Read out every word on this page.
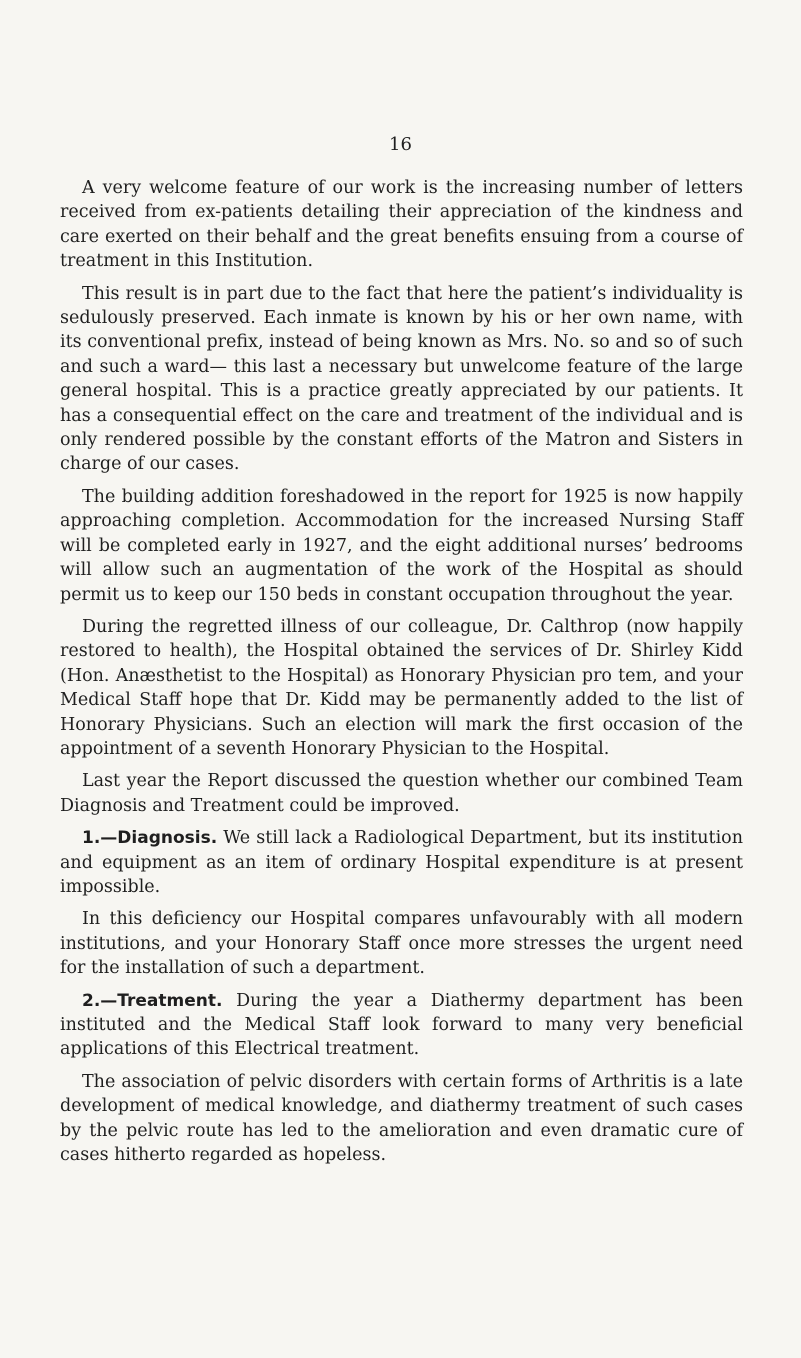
16

A very welcome feature of our work is the increasing number of letters received from ex-patients detailing their appreciation of the kindness and care exerted on their behalf and the great benefits ensuing from a course of treatment in this Institution.

This result is in part due to the fact that here the patient’s individuality is sedulously preserved. Each inmate is known by his or her own name, with its conventional prefix, instead of being known as Mrs. No. so and so of such and such a ward— this last a necessary but unwelcome feature of the large general hospital. This is a practice greatly appreciated by our patients. It has a consequential effect on the care and treatment of the individual and is only rendered possible by the constant efforts of the Matron and Sisters in charge of our cases.

The building addition foreshadowed in the report for 1925 is now happily approaching completion. Accommodation for the increased Nursing Staff will be completed early in 1927, and the eight additional nurses’ bedrooms will allow such an augmentation of the work of the Hospital as should permit us to keep our 150 beds in constant occupation throughout the year.

During the regretted illness of our colleague, Dr. Calthrop (now happily restored to health), the Hospital obtained the services of Dr. Shirley Kidd (Hon. Anæsthetist to the Hospital) as Honorary Physician pro tem, and your Medical Staff hope that Dr. Kidd may be permanently added to the list of Honorary Physicians. Such an election will mark the first occasion of the appointment of a seventh Honorary Physician to the Hospital.

Last year the Report discussed the question whether our combined Team Diagnosis and Treatment could be improved.

1.—Diagnosis. We still lack a Radiological Department, but its institution and equipment as an item of ordinary Hospital expenditure is at present impossible.

In this deficiency our Hospital compares unfavourably with all modern institutions, and your Honorary Staff once more stresses the urgent need for the installation of such a department.

2.—Treatment. During the year a Diathermy department has been instituted and the Medical Staff look forward to many very beneficial applications of this Electrical treatment.

The association of pelvic disorders with certain forms of Arthritis is a late development of medical knowledge, and diathermy treatment of such cases by the pelvic route has led to the amelioration and even dramatic cure of cases hitherto regarded as hopeless.
